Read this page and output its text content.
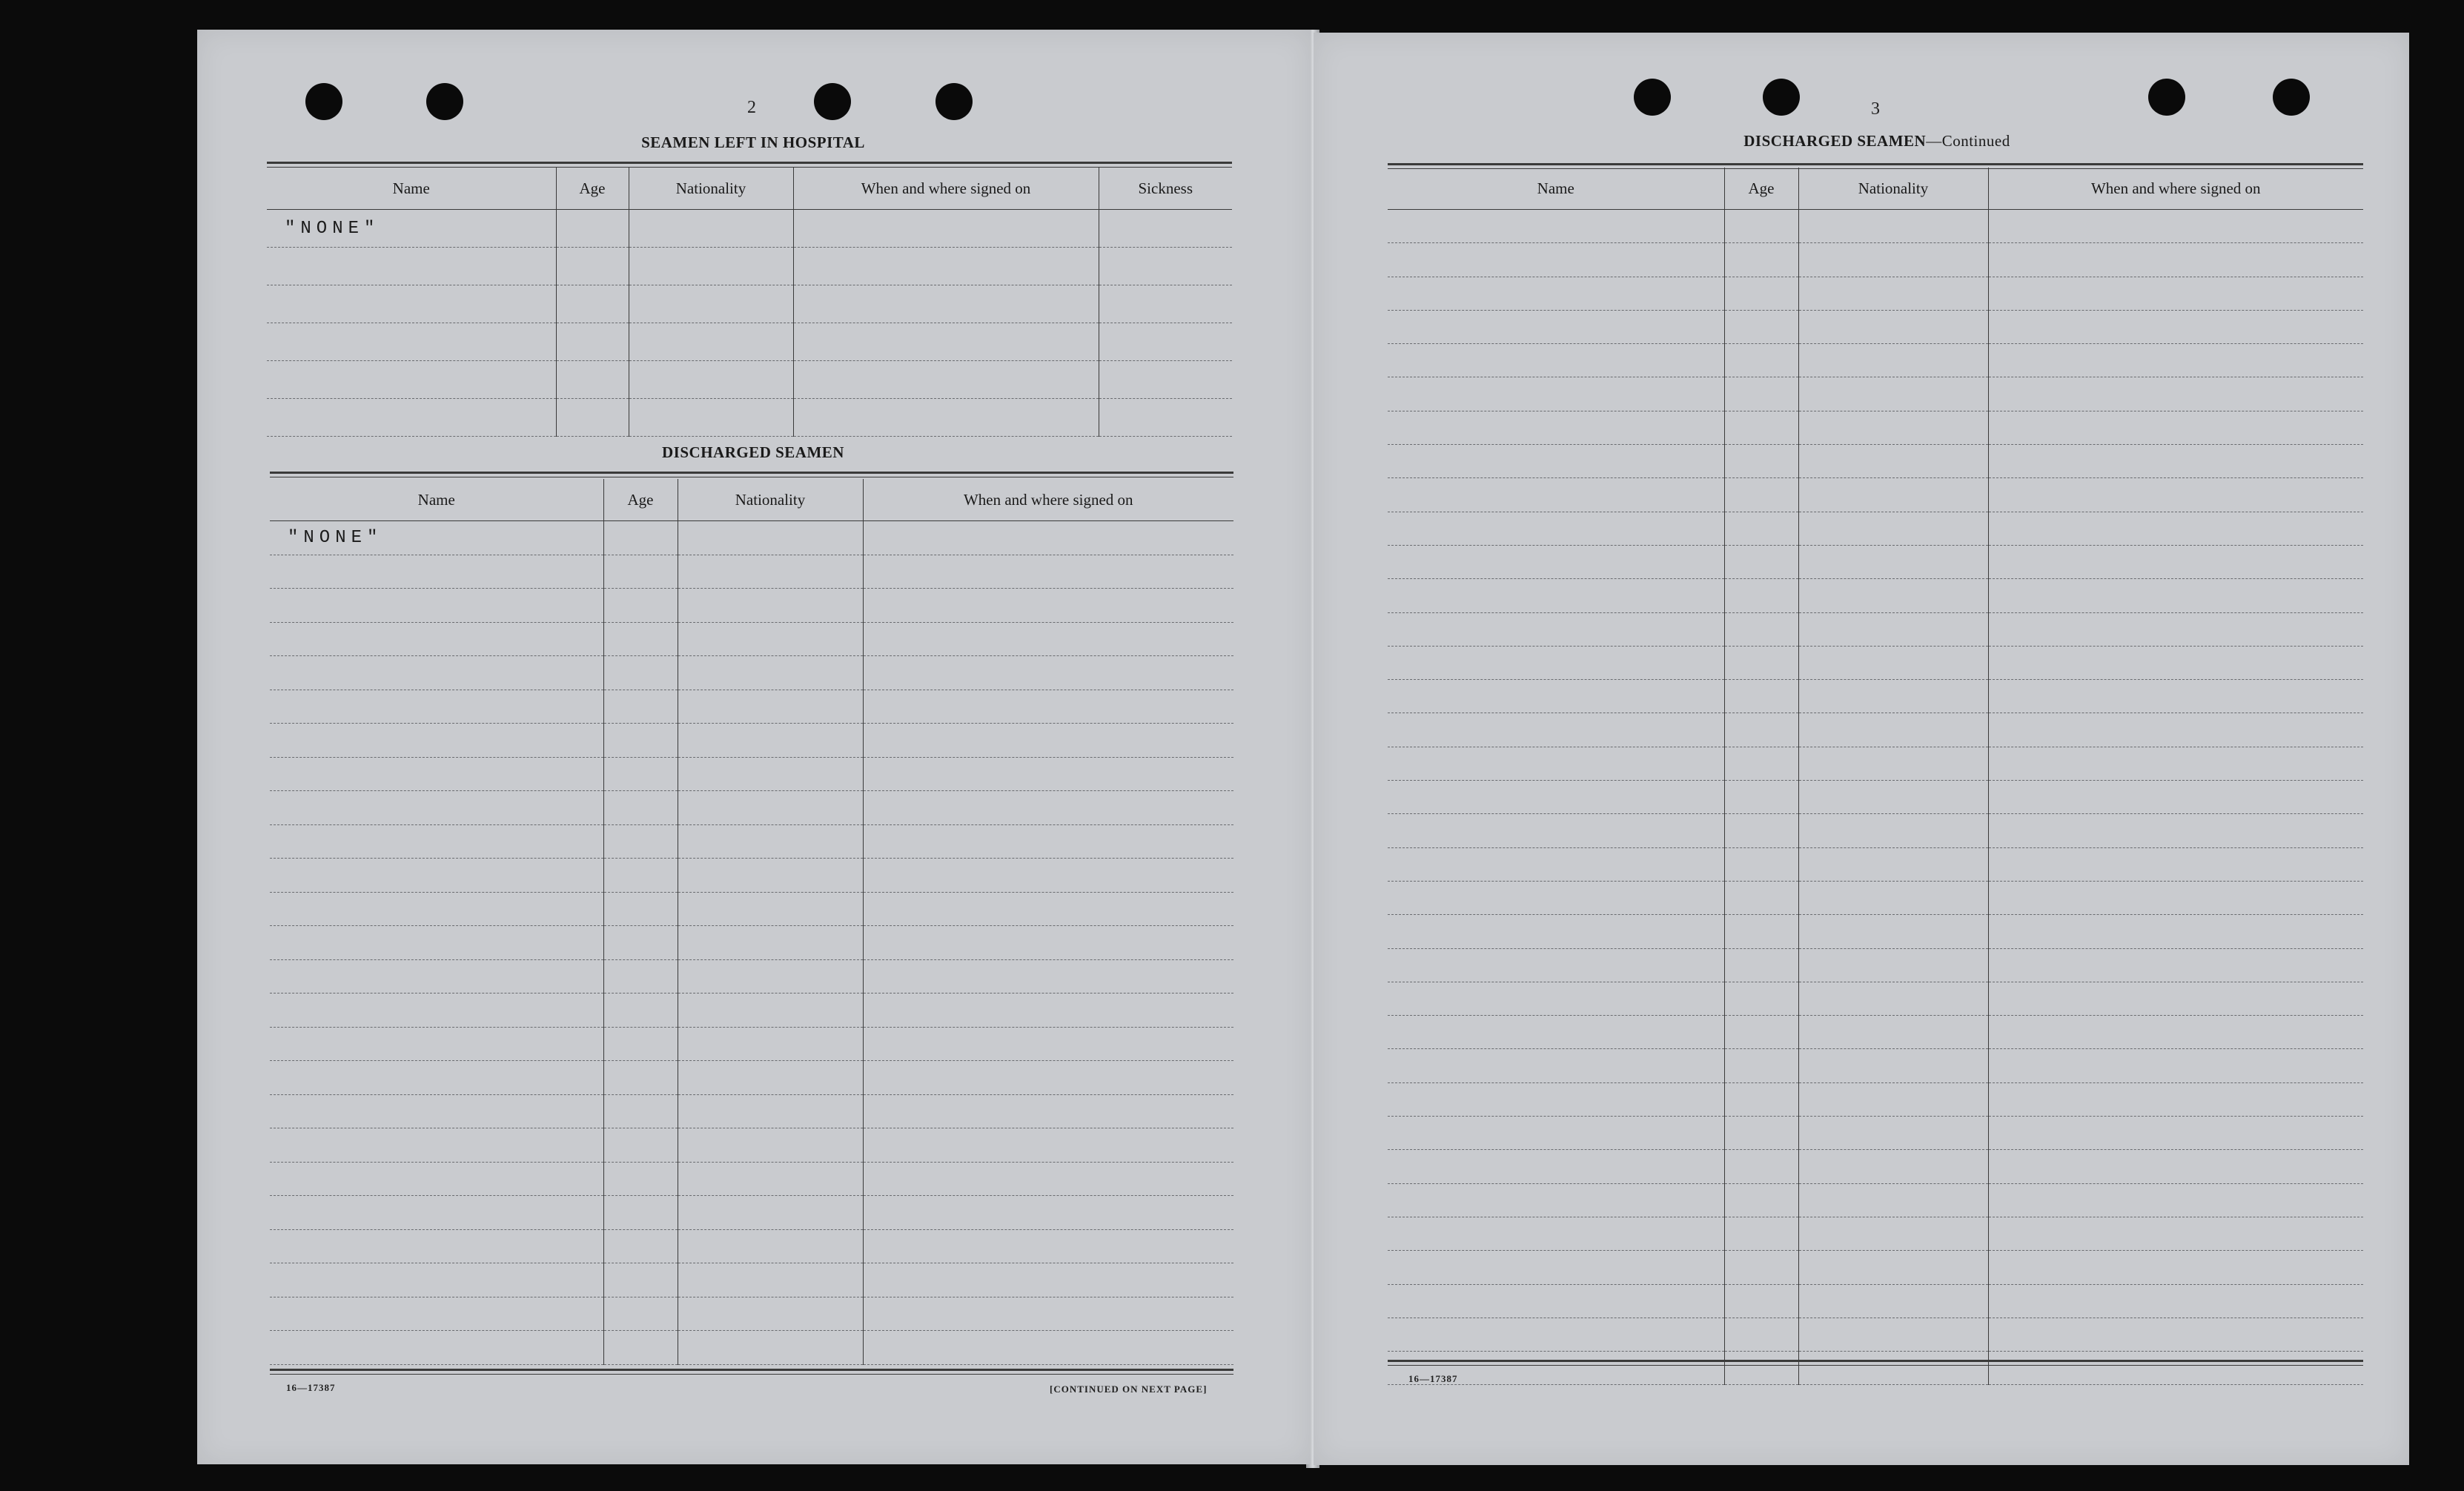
2
SEAMEN LEFT IN HOSPITAL
Name	Age	Nationality	When and where signed on	Sickness
"NONE"				

DISCHARGED SEAMEN
Name	Age	Nationality	When and where signed on
"NONE"			

16—17387	[CONTINUED ON NEXT PAGE]
3
DISCHARGED SEAMEN—Continued
Name	Age	Nationality	When and where signed on

16—17387
